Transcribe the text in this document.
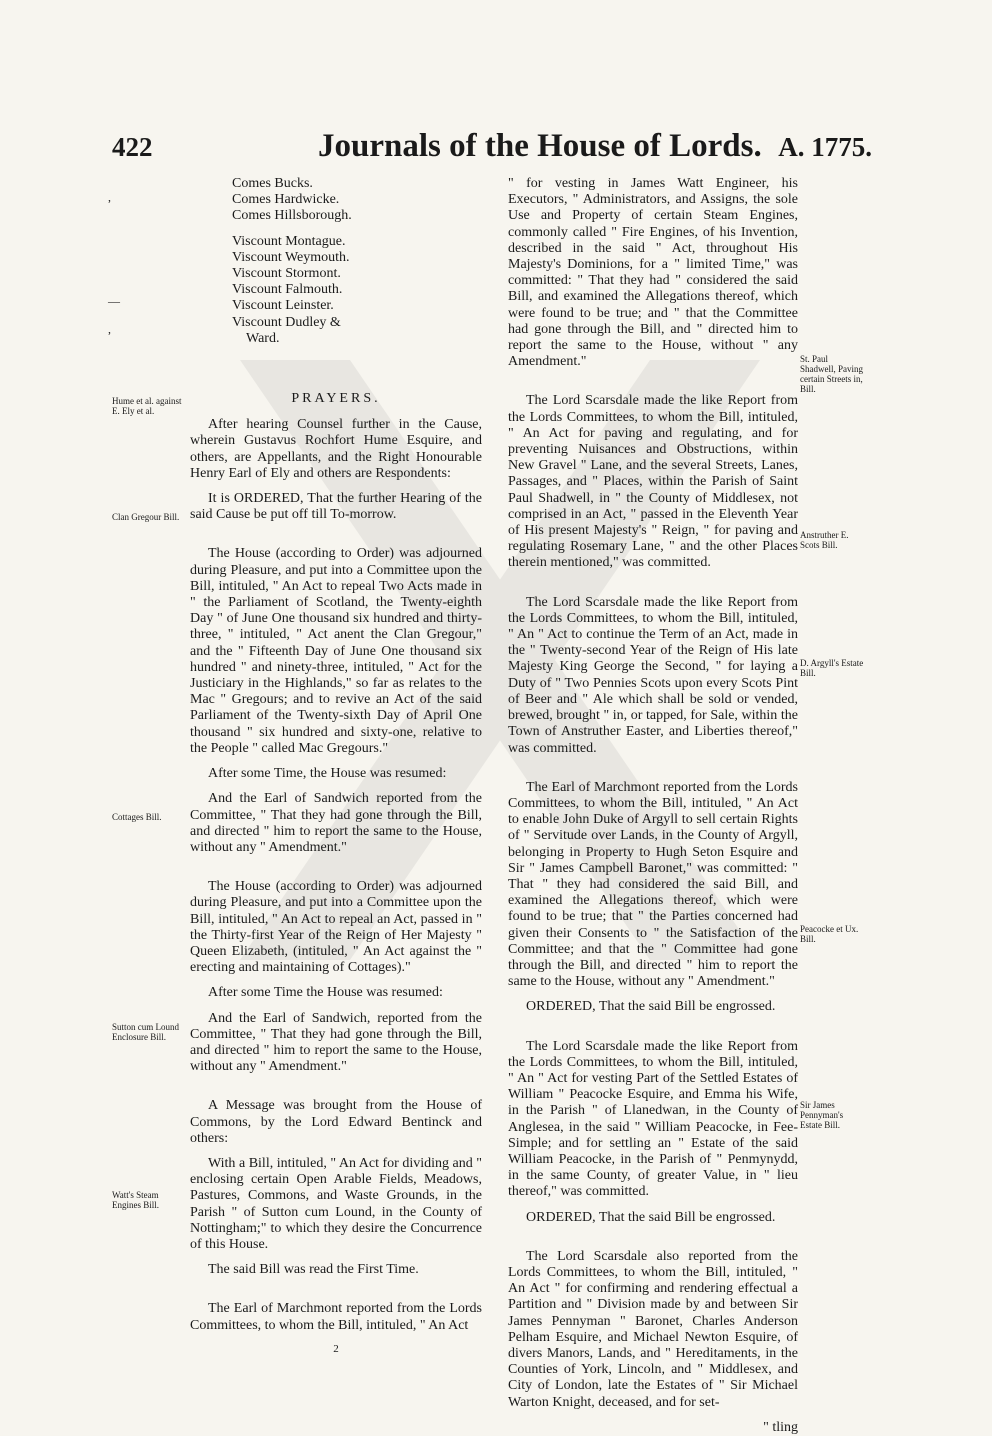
422	Journals of the House of Lords. A. 1775.
,
—
,

Comes Bucks.

Comes Hardwicke.

Comes Hillsborough.

Viscount Montague.

Viscount Weymouth.

Viscount Stormont.

Viscount Falmouth.

Viscount Leinster.

Viscount Dudley &

Ward.

PRAYERS.

After hearing Counsel further in the Cause, wherein Gustavus Rochfort Hume Esquire, and others, are Appellants, and the Right Honourable Henry Earl of Ely and others are Respondents:

It is ORDERED, That the further Hearing of the said Cause be put off till To-morrow.

The House (according to Order) was adjourned during Pleasure, and put into a Committee upon the Bill, intituled, " An Act to repeal Two Acts made in " the Parliament of Scotland, the Twenty-eighth Day " of June One thousand six hundred and thirty-three, " intituled, " Act anent the Clan Gregour," and the " Fifteenth Day of June One thousand six hundred " and ninety-three, intituled, " Act for the Justiciary in the Highlands," so far as relates to the Mac " Gregours; and to revive an Act of the said Parliament of the Twenty-sixth Day of April One thousand " six hundred and sixty-one, relative to the People " called Mac Gregours."

After some Time, the House was resumed:

And the Earl of Sandwich reported from the Committee, " That they had gone through the Bill, and directed " him to report the same to the House, without any " Amendment."

The House (according to Order) was adjourned during Pleasure, and put into a Committee upon the Bill, intituled, " An Act to repeal an Act, passed in " the Thirty-first Year of the Reign of Her Majesty " Queen Elizabeth, (intituled, " An Act against the " erecting and maintaining of Cottages)."

After some Time the House was resumed:

And the Earl of Sandwich, reported from the Committee, " That they had gone through the Bill, and directed " him to report the same to the House, without any " Amendment."

A Message was brought from the House of Commons, by the Lord Edward Bentinck and others:

With a Bill, intituled, " An Act for dividing and " enclosing certain Open Arable Fields, Meadows, Pastures, Commons, and Waste Grounds, in the Parish " of Sutton cum Lound, in the County of Nottingham;" to which they desire the Concurrence of this House.

The said Bill was read the First Time.

The Earl of Marchmont reported from the Lords Committees, to whom the Bill, intituled, " An Act

2

" for vesting in James Watt Engineer, his Executors, " Administrators, and Assigns, the sole Use and Property of certain Steam Engines, commonly called " Fire Engines, of his Invention, described in the said " Act, throughout His Majesty's Dominions, for a " limited Time," was committed: " That they had " considered the said Bill, and examined the Allegations thereof, which were found to be true; and " that the Committee had gone through the Bill, and " directed him to report the same to the House, without " any Amendment."

The Lord Scarsdale made the like Report from the Lords Committees, to whom the Bill, intituled, " An Act for paving and regulating, and for preventing Nuisances and Obstructions, within New Gravel " Lane, and the several Streets, Lanes, Passages, and " Places, within the Parish of Saint Paul Shadwell, in " the County of Middlesex, not comprised in an Act, " passed in the Eleventh Year of His present Majesty's " Reign, " for paving and regulating Rosemary Lane, " and the other Places therein mentioned," was committed.

The Lord Scarsdale made the like Report from the Lords Committees, to whom the Bill, intituled, " An " Act to continue the Term of an Act, made in the " Twenty-second Year of the Reign of His late Majesty King George the Second, " for laying a Duty of " Two Pennies Scots upon every Scots Pint of Beer and " Ale which shall be sold or vended, brewed, brought " in, or tapped, for Sale, within the Town of Anstruther Easter, and Liberties thereof," was committed.

The Earl of Marchmont reported from the Lords Committees, to whom the Bill, intituled, " An Act to enable John Duke of Argyll to sell certain Rights of " Servitude over Lands, in the County of Argyll, belonging in Property to Hugh Seton Esquire and Sir " James Campbell Baronet," was committed: " That " they had considered the said Bill, and examined the Allegations thereof, which were found to be true; that " the Parties concerned had given their Consents to " the Satisfaction of the Committee; and that the " Committee had gone through the Bill, and directed " him to report the same to the House, without any " Amendment."

ORDERED, That the said Bill be engrossed.

The Lord Scarsdale made the like Report from the Lords Committees, to whom the Bill, intituled, " An " Act for vesting Part of the Settled Estates of William " Peacocke Esquire, and Emma his Wife, in the Parish " of Llanedwan, in the County of Anglesea, in the said " William Peacocke, in Fee-Simple; and for settling an " Estate of the said William Peacocke, in the Parish of " Penmynydd, in the same County, of greater Value, in " lieu thereof," was committed.

ORDERED, That the said Bill be engrossed.

The Lord Scarsdale also reported from the Lords Committees, to whom the Bill, intituled, " An Act " for confirming and rendering effectual a Partition and " Division made by and between Sir James Pennyman " Baronet, Charles Anderson Pelham Esquire, and Michael Newton Esquire, of divers Manors, Lands, and " Hereditaments, in the Counties of York, Lincoln, and " Middlesex, and City of London, late the Estates of " Sir Michael Warton Knight, deceased, and for set-

" tling
Hume et al. against E. Ely et al.
Clan Gregour Bill.
Cottages Bill.
Sutton cum Lound Enclosure Bill.
Watt's Steam Engines Bill.
St. Paul Shadwell, Paving certain Streets in, Bill.
Anstruther E. Scots Bill.
D. Argyll's Estate Bill.
Peacocke et Ux. Bill.
Sir James Pennyman's Estate Bill.
